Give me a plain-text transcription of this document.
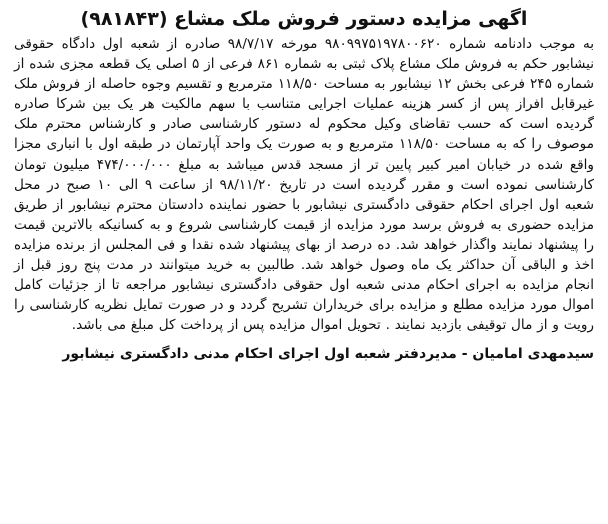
اگهی مزایده دستور فروش ملک مشاع (۹۸۱۸۴۳)

به موجب دادنامه شماره ۹۸۰۹۹۷۵۱۹۷۸۰۰۶۲۰ مورخه ۹۸/۷/۱۷ صادره از شعبه اول دادگاه حقوقی نیشابور حکم به فروش ملک مشاع پلاک ثبتی به شماره ۸۶۱ فرعی از ۵ اصلی یک قطعه مجزی شده از شماره ۲۴۵ فرعی بخش ۱۲ نیشابور به مساحت ۱۱۸/۵۰ مترمربع و تقسیم وجوه حاصله از فروش ملک غیرقابل افراز پس از کسر هزینه عملیات اجرایی متناسب با سهم مالکیت هر یک بین شرکا صادره گردیده است که حسب تقاضای وکیل محکوم له دستور کارشناسی صادر و کارشناس محترم ملک موصوف را که به مساحت ۱۱۸/۵۰ مترمربع و به صورت یک واحد آپارتمان در طبقه اول با انباری مجزا واقع شده در خیابان امیر کبیر پایین تر از مسجد قدس میباشد به مبلغ ۴۷۴/۰۰۰/۰۰۰ میلیون تومان کارشناسی نموده است و مقرر گردیده است در تاریخ ۹۸/۱۱/۲۰ از ساعت ۹ الی ۱۰ صبح در محل شعبه اول اجرای احکام حقوقی دادگستری نیشابور با حضور نماینده دادستان محترم نیشابور از طریق مزایده حضوری به فروش برسد مورد مزایده از قیمت کارشناسی شروع و به کسانیکه بالاترین قیمت را پیشنهاد نمایند واگذار خواهد شد. ده درصد از بهای پیشنهاد شده نقدا و فی المجلس از برنده مزایده اخذ و الباقی آن حداکثر یک ماه وصول خواهد شد. طالبین به خرید میتوانند در مدت پنج روز قبل از انجام مزایده به اجرای احکام مدنی شعبه اول حقوقی دادگستری نیشابور مراجعه تا از جزئیات کامل اموال مورد مزایده مطلع و مزایده برای خریداران تشریح گردد و در صورت تمایل نظریه کارشناسی را رویت و از مال توقیفی بازدید نمایند . تحویل اموال مزایده پس از پرداخت کل مبلغ می باشد.

سیدمهدی امامیان - مدیردفتر شعبه اول اجرای احکام مدنی دادگستری نیشابور
